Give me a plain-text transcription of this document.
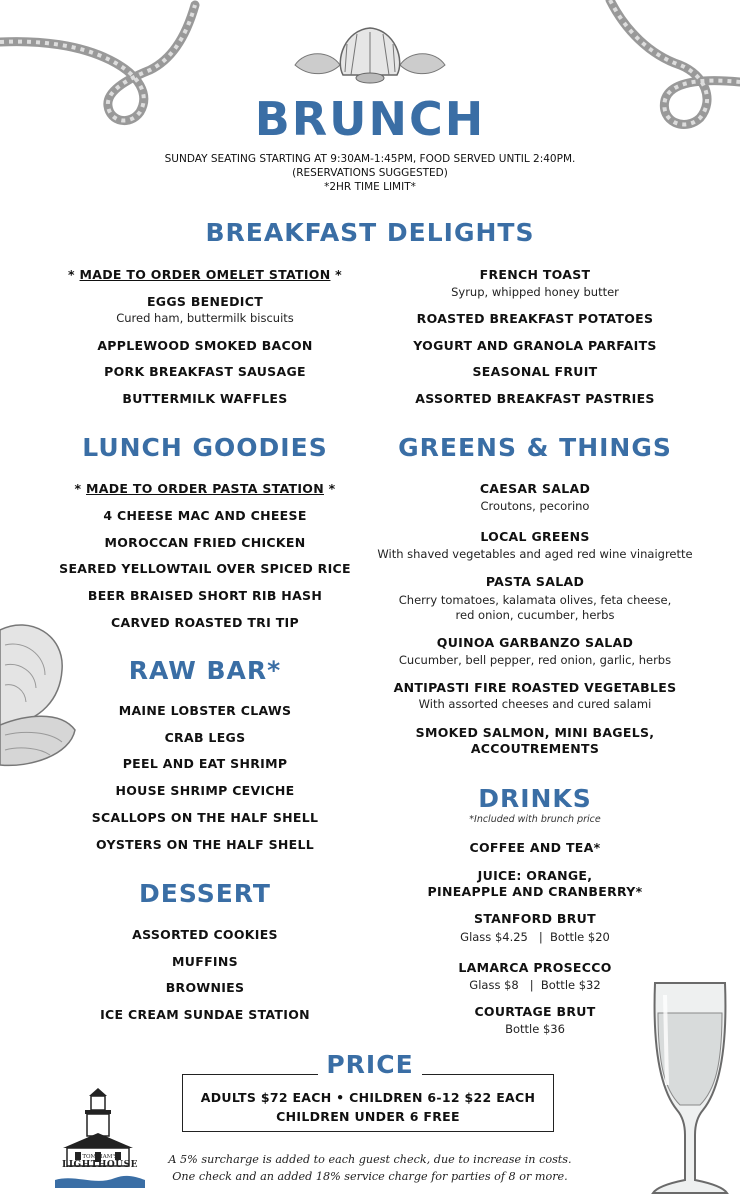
BRUNCH
SUNDAY SEATING STARTING AT 9:30AM-1:45PM, FOOD SERVED UNTIL 2:40PM.
(RESERVATIONS SUGGESTED)
*2HR TIME LIMIT*
BREAKFAST DELIGHTS
* MADE TO ORDER OMELET STATION *
EGGS BENEDICT
Cured ham, buttermilk biscuits
APPLEWOOD SMOKED BACON
PORK BREAKFAST SAUSAGE
BUTTERMILK WAFFLES
FRENCH TOAST
Syrup, whipped honey butter
ROASTED BREAKFAST POTATOES
YOGURT AND GRANOLA PARFAITS
SEASONAL FRUIT
ASSORTED BREAKFAST PASTRIES
LUNCH GOODIES
* MADE TO ORDER PASTA STATION *
4 CHEESE MAC AND CHEESE
MOROCCAN FRIED CHICKEN
SEARED YELLOWTAIL OVER SPICED RICE
BEER BRAISED SHORT RIB HASH
CARVED ROASTED TRI TIP
RAW BAR*
MAINE LOBSTER CLAWS
CRAB LEGS
PEEL AND EAT SHRIMP
HOUSE SHRIMP CEVICHE
SCALLOPS ON THE HALF SHELL
OYSTERS ON THE HALF SHELL
DESSERT
ASSORTED COOKIES
MUFFINS
BROWNIES
ICE CREAM SUNDAE STATION
GREENS & THINGS
CAESAR SALAD
Croutons, pecorino
LOCAL GREENS
With shaved vegetables and aged red wine vinaigrette
PASTA SALAD
Cherry tomatoes, kalamata olives, feta cheese,
red onion, cucumber, herbs
QUINOA GARBANZO SALAD
Cucumber, bell pepper, red onion, garlic, herbs
ANTIPASTI FIRE ROASTED VEGETABLES
With assorted cheeses and cured salami
SMOKED SALMON, MINI BAGELS,
ACCOUTREMENTS
DRINKS
*Included with brunch price
COFFEE AND TEA*
JUICE: ORANGE,
PINEAPPLE AND CRANBERRY*
STANFORD BRUT
Glass $4.25   |  Bottle $20
LAMARCA PROSECCO
Glass $8   |  Bottle $32
COURTAGE BRUT
Bottle $36
PRICE
ADULTS $72 EACH • CHILDREN 6-12 $22 EACH
CHILDREN UNDER 6 FREE
TOM HAM'S
LIGHTHOUSE	A 5% surcharge is added to each guest check, due to increase in costs.
One check and an added 18% service charge for parties of 8 or more.
